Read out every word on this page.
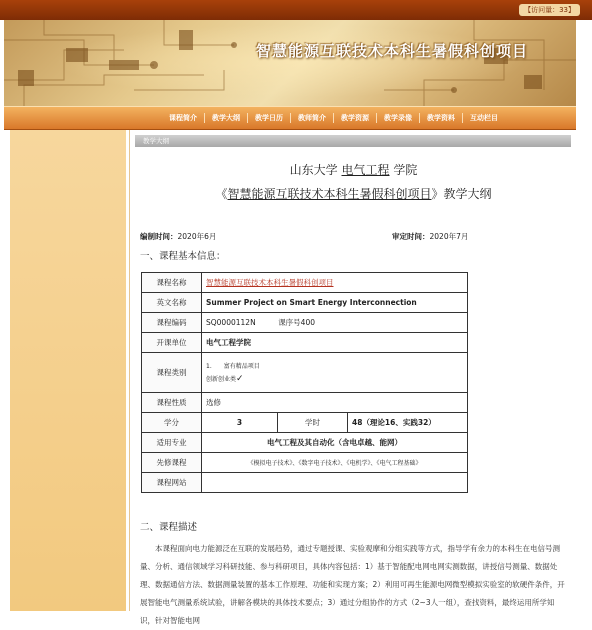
【访问量：33】
智慧能源互联技术本科生暑假科创项目
课程简介	教学大纲	教学日历	教师简介	教学资源	教学录像	教学资料	互动栏目
教学大纲
山东大学 电气工程 学院
《智慧能源互联技术本科生暑假科创项目》教学大纲
编制时间：2020年6月	审定时间：2020年7月
一、课程基本信息：
课程名称	智慧能源互联技术本科生暑假科创项目		
英文名称	Summer Project on Smart Energy Interconnection		
课程编码	SQ0000112N　　　 课序号400		
开课单位	电气工程学院		
课程类别	1.　　富有精品项目
创新创业类✓		

课程性质	选修		
学分	3	学时	48（理论16、实践32）
适用专业	电气工程及其自动化（含电卓越、能网）		
先修课程	《模拟电子技术》、《数字电子技术》、《电机学》、《电气工程基础》		
课程网站			
二、课程描述
本课程面向电力能源泛在互联的发展趋势，通过专题授课、实验观摩和分组实践等方式，指导学有余力的本科生在电信号测量、分析、通信领域学习科研技能、参与科研项目，具体内容包括：1）基于智能配电网电网实测数据，讲授信号测量、数据处理、数据通信方法、数据测量装置的基本工作原理、功能和实现方案；2）利用可再生能源电网微型模拟实验室的软硬件条件，开展智能电气测量系统试验，讲解各模块的具体技术要点；3）通过分组协作的方式（2~3人一组），查找资料，最终运用所学知识，针对智能电网
